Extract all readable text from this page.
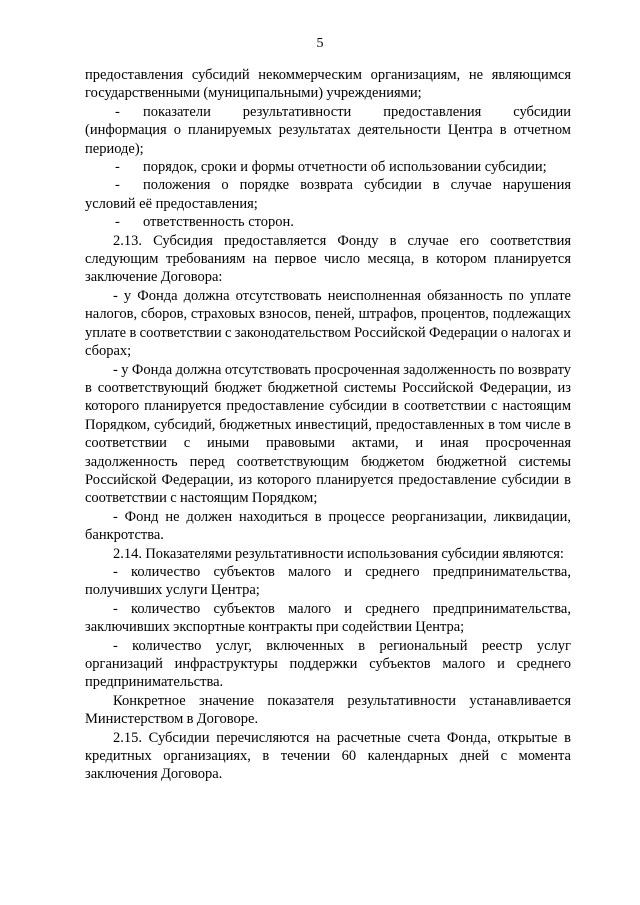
5

предоставления субсидий некоммерческим организациям, не являющимся государственными (муниципальными) учреждениями;

-	показатели результативности предоставления субсидии

(информация о планируемых результатах деятельности Центра в отчетном периоде);

-	порядок, сроки и формы отчетности об использовании субсидии;
-	положения о порядке возврата субсидии в случае нарушения

условий её предоставления;

-	ответственность сторон.

2.13. Субсидия предоставляется Фонду в случае его соответствия следующим требованиям на первое число месяца, в котором планируется заключение Договора:

- у Фонда должна отсутствовать неисполненная обязанность по уплате налогов, сборов, страховых взносов, пеней, штрафов, процентов, подлежащих уплате в соответствии с законодательством Российской Федерации о налогах и сборах;

- у Фонда должна отсутствовать просроченная задолженность по возврату в соответствующий бюджет бюджетной системы Российской Федерации, из которого планируется предоставление субсидии в соответствии с настоящим Порядком, субсидий, бюджетных инвестиций, предоставленных в том числе в соответствии с иными правовыми актами, и иная просроченная задолженность перед соответствующим бюджетом бюджетной системы Российской Федерации, из которого планируется предоставление субсидии в соответствии с настоящим Порядком;

- Фонд не должен находиться в процессе реорганизации, ликвидации, банкротства.

2.14. Показателями результативности использования субсидии являются:

- количество субъектов малого и среднего предпринимательства, получивших услуги Центра;

- количество субъектов малого и среднего предпринимательства, заключивших экспортные контракты при содействии Центра;

- количество услуг, включенных в региональный реестр услуг организаций инфраструктуры поддержки субъектов малого и среднего предпринимательства.

Конкретное значение показателя результативности устанавливается Министерством в Договоре.

2.15. Субсидии перечисляются на расчетные счета Фонда, открытые в кредитных организациях, в течении 60 календарных дней с момента заключения Договора.
